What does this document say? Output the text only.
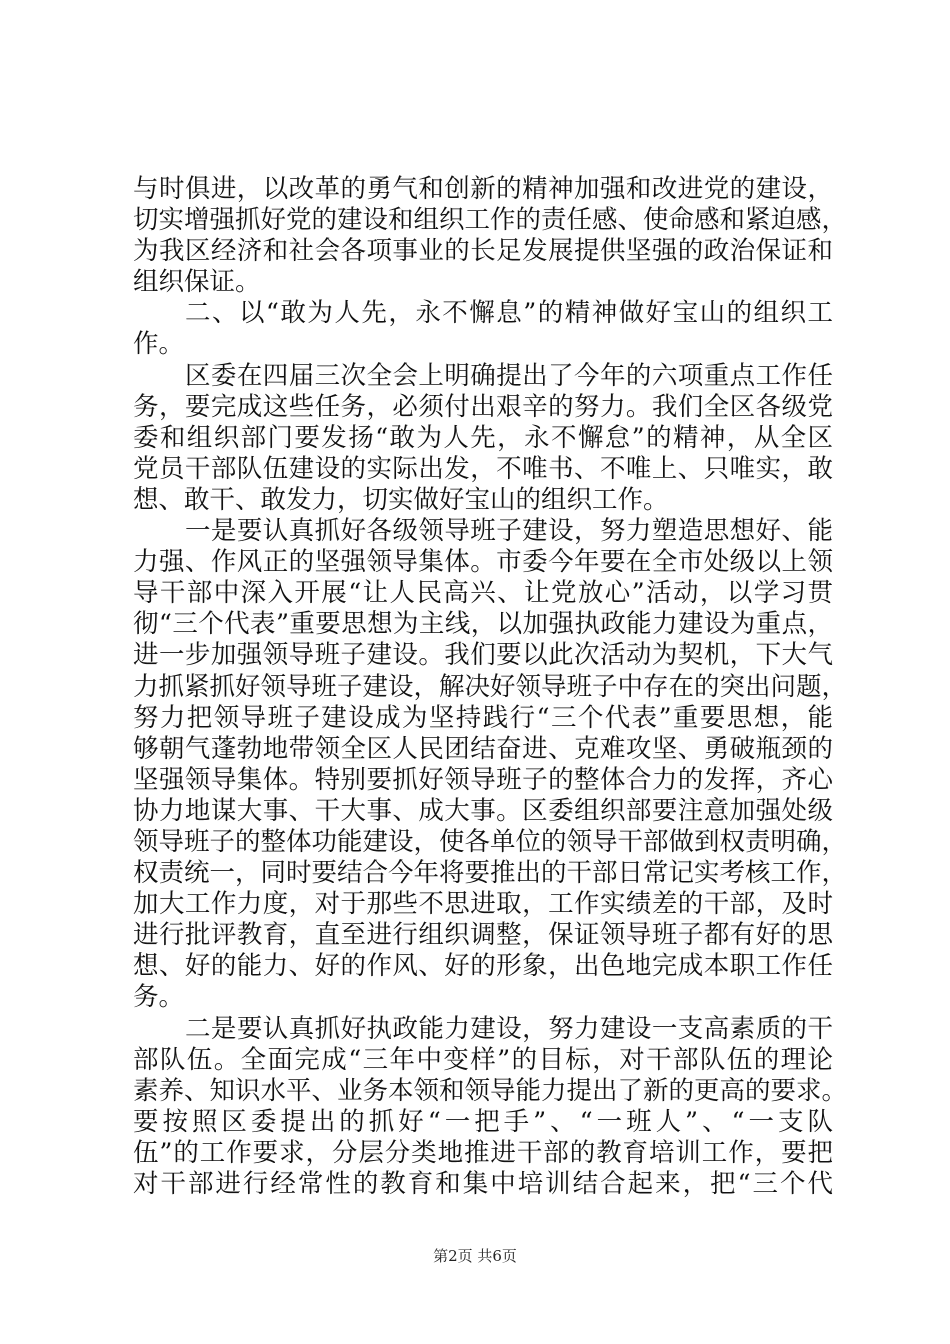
与时俱进，以改革的勇气和创新的精神加强和改进党的建设，
切实增强抓好党的建设和组织工作的责任感、使命感和紧迫感，
为我区经济和社会各项事业的长足发展提供坚强的政治保证和
组织保证。
二、以“敢为人先，永不懈息”的精神做好宝山的组织工
作。
区委在四届三次全会上明确提出了今年的六项重点工作任
务，要完成这些任务，必须付出艰辛的努力。我们全区各级党
委和组织部门要发扬“敢为人先，永不懈怠”的精神，从全区
党员干部队伍建设的实际出发，不唯书、不唯上、只唯实，敢
想、敢干、敢发力，切实做好宝山的组织工作。
一是要认真抓好各级领导班子建设，努力塑造思想好、能
力强、作风正的坚强领导集体。市委今年要在全市处级以上领
导干部中深入开展“让人民高兴、让党放心”活动，以学习贯
彻“三个代表”重要思想为主线，以加强执政能力建设为重点，
进一步加强领导班子建设。我们要以此次活动为契机，下大气
力抓紧抓好领导班子建设，解决好领导班子中存在的突出问题，
努力把领导班子建设成为坚持践行“三个代表”重要思想，能
够朝气蓬勃地带领全区人民团结奋进、克难攻坚、勇破瓶颈的
坚强领导集体。特别要抓好领导班子的整体合力的发挥，齐心
协力地谋大事、干大事、成大事。区委组织部要注意加强处级
领导班子的整体功能建设，使各单位的领导干部做到权责明确，
权责统一，同时要结合今年将要推出的干部日常记实考核工作，
加大工作力度，对于那些不思进取，工作实绩差的干部，及时
进行批评教育，直至进行组织调整，保证领导班子都有好的思
想、好的能力、好的作风、好的形象，出色地完成本职工作任
务。
二是要认真抓好执政能力建设，努力建设一支高素质的干
部队伍。全面完成“三年中变样”的目标，对干部队伍的理论
素养、知识水平、业务本领和领导能力提出了新的更高的要求。
要按照区委提出的抓好“一把手”、“一班人”、“一支队
伍”的工作要求，分层分类地推进干部的教育培训工作，要把
对干部进行经常性的教育和集中培训结合起来，把“三个代
第2页 共6页
